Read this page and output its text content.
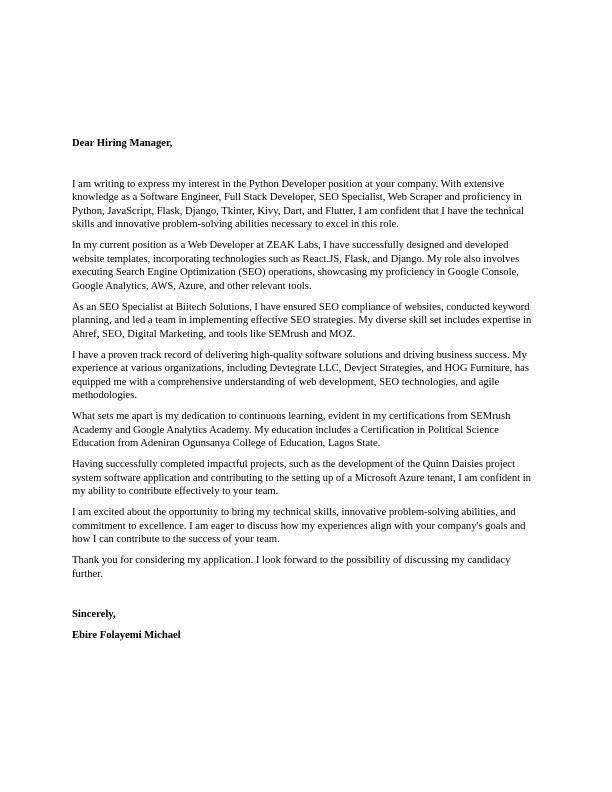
Dear Hiring Manager,

I am writing to express my interest in the Python Developer position at your company. With extensive knowledge as a Software Engineer, Full Stack Developer, SEO Specialist, Web Scraper and proficiency in Python, JavaScript, Flask, Django, Tkinter, Kivy, Dart, and Flutter, I am confident that I have the technical skills and innovative problem-solving abilities necessary to excel in this role.

In my current position as a Web Developer at ZEAK Labs, I have successfully designed and developed website templates, incorporating technologies such as React.JS, Flask, and Django. My role also involves executing Search Engine Optimization (SEO) operations, showcasing my proficiency in Google Console, Google Analytics, AWS, Azure, and other relevant tools.

As an SEO Specialist at Biitech Solutions, I have ensured SEO compliance of websites, conducted keyword planning, and led a team in implementing effective SEO strategies. My diverse skill set includes expertise in Ahref, SEO, Digital Marketing, and tools like SEMrush and MOZ.

I have a proven track record of delivering high-quality software solutions and driving business success. My experience at various organizations, including Devtegrate LLC, Devject Strategies, and HOG Furniture, has equipped me with a comprehensive understanding of web development, SEO technologies, and agile methodologies.

What sets me apart is my dedication to continuous learning, evident in my certifications from SEMrush Academy and Google Analytics Academy. My education includes a Certification in Political Science Education from Adeniran Ogunsanya College of Education, Lagos State.

Having successfully completed impactful projects, such as the development of the Quinn Daisies project system software application and contributing to the setting up of a Microsoft Azure tenant, I am confident in my ability to contribute effectively to your team.

I am excited about the opportunity to bring my technical skills, innovative problem-solving abilities, and commitment to excellence. I am eager to discuss how my experiences align with your company's goals and how I can contribute to the success of your team.

Thank you for considering my application. I look forward to the possibility of discussing my candidacy further.

Sincerely,

Ebire Folayemi Michael
